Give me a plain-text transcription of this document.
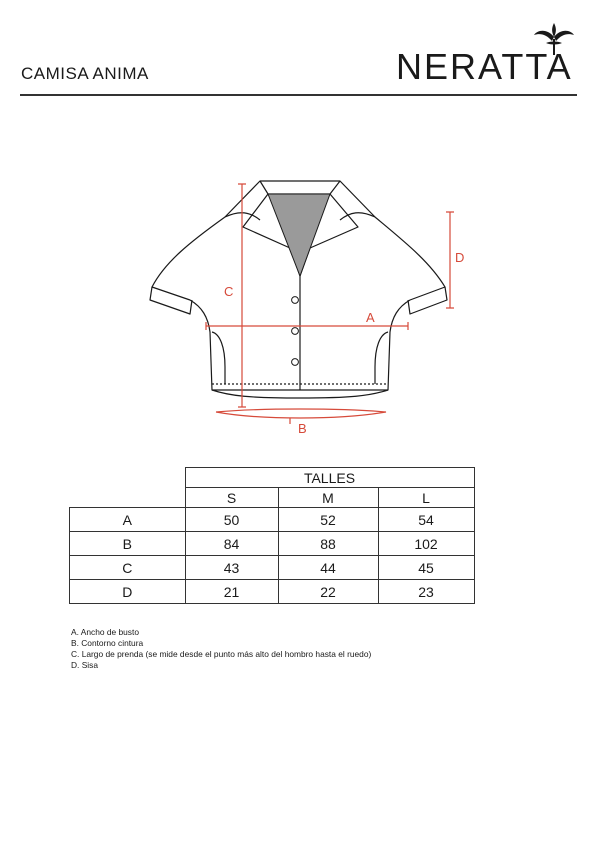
CAMISA ANIMA	NERATTA
A
C
D
B
	TALLES		
	S	M	L
A	50	52	54
B	84	88	102
C	43	44	45
D	21	22	23
A. Ancho de busto
B. Contorno cintura
C. Largo de prenda (se mide desde el punto más alto del hombro hasta el ruedo)
D. Sisa
